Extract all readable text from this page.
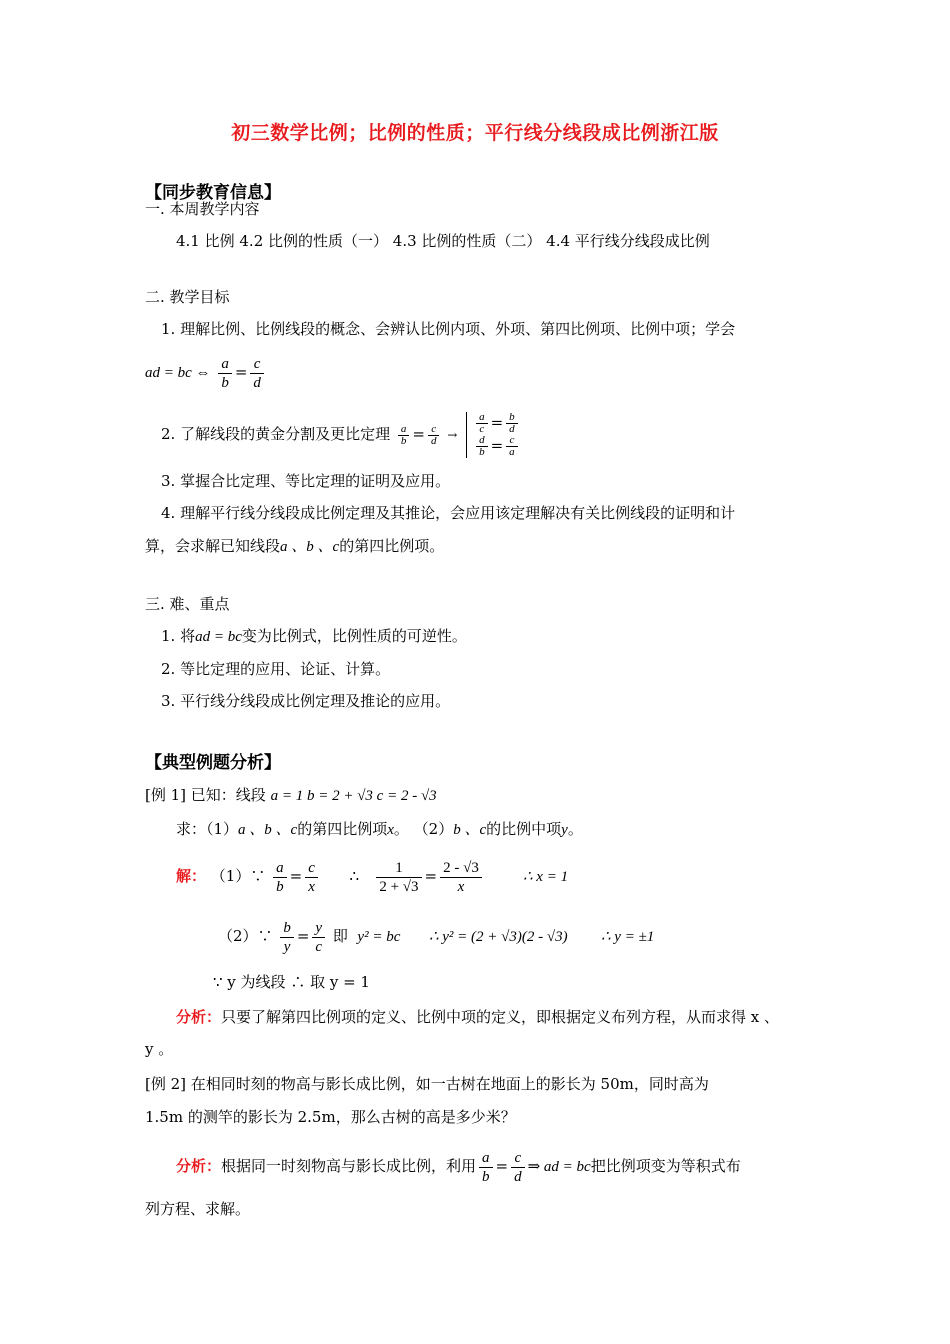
初三数学比例；比例的性质；平行线分线段成比例浙江版
【同步教育信息】
一. 本周教学内容
4.1 比例 4.2 比例的性质（一） 4.3 比例的性质（二） 4.4 平行线分线段成比例
二. 教学目标
1. 理解比例、比例线段的概念、会辨认比例内项、外项、第四比例项、比例中项；学会
ad = bc ⇔ $\frac{a}{b} = \frac{c}{d}$
2. 了解线段的黄金分割及更比定理 $\frac{a}{b} = \frac{c}{d} \to \frac{a}{c} = \frac{b}{d}$
$\frac{d}{b} = \frac{c}{a}$
3. 掌握合比定理、等比定理的证明及应用。
4. 理解平行线分线段成比例定理及其推论，会应用该定理解决有关比例线段的证明和计
算，会求解已知线段a 、b 、c的第四比例项。
三. 难、重点
1. 将ad = bc变为比例式，比例性质的可逆性。
2. 等比定理的应用、论证、计算。
3. 平行线分线段成比例定理及推论的应用。
【典型例题分析】
[例 1] 已知：线段 a = 1 b = 2 + √3 c = 2 - √3
求：（1）a 、b 、c的第四比例项x。 （2）b 、c的比例中项y。
解： （1）∵ $\frac{a}{b} = \frac{c}{x}$ ∴ $\frac{1}{2 + √3} = \frac{2 - √3}{x}$	∴ x = 1
（2）∵ $\frac{b}{y} = \frac{y}{c}$ 即 y² = bc ∴ y² = (2 + √3)(2 - √3) ∴ y = ±1
∵ y 为线段 ∴ 取 y = 1
分析：只要了解第四比例项的定义、比例中项的定义，即根据定义布列方程，从而求得 x 、
y 。
[例 2] 在相同时刻的物高与影长成比例，如一古树在地面上的影长为 50m，同时高为
1.5m 的测竿的影长为 2.5m，那么古树的高是多少米？
分析：根据同一时刻物高与影长成比例，利用 $\frac{a}{b} = \frac{c}{d}$ ⇒ ad = bc把比例项变为等积式布
列方程、求解。
